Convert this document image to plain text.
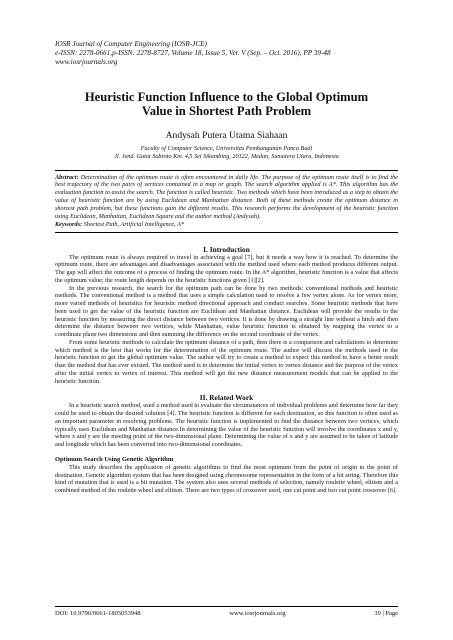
IOSR Journal of Computer Engineering (IOSR-JCE)
e-ISSN: 2278-0661,p-ISSN: 2278-8727, Volume 18, Issue 5, Ver. V (Sep. – Oct. 2016), PP 39-48
www.iosrjournals.org
Heuristic Function Influence to the Global Optimum
Value in Shortest Path Problem
Andysah Putera Utama Siahaan
Faculty of Computer Science, Universitas Pembangunan Panca Budi
Jl. Jend. Gatot Subroto Km. 4,5 Sei Sikambing, 20122, Medan, Sumatera Utara, Indonesia

Abstract: Determination of the optimum route is often encountered in daily life. The purpose of the optimum route itself is to find the best trajectory of the two pairs of vertices contained in a map or graph. The search algorithm applied is A*. This algorithm has the evaluation function to assist the search. The function is called heuristic. Two methods which have been introduced as a step to obtain the value of heuristic function are by using Euclidean and Manhattan distance. Both of these methods create the optimum distance in shortest path problem, but these functions gain the different results. This research performs the development of the heuristic function using Euclidean, Manhattan, Euclidean Square and the author method (Andysah).

Keywords: Shortest Path, Artificial Intelligence, A*

I. Introduction

The optimum route is always required to travel in achieving a goal [7], but it needs a way how it is reached. To determine the optimum route, there are advantages and disadvantages associated with the method used where each method produces different output. The gap will affect the outcome of a process of finding the optimum route. In the A* algorithm, heuristic function is a value that affects the optimum value; the route length depends on the heuristic functions given [1][2].

In the previous research, the search for the optimum path can be done by two methods: conventional methods and heuristic methods. The conventional method is a method that uses a simple calculation used to resolve a few vertex alone. As for vertex more, more varied methods of heuristics for heuristic method directional approach and conduct searches. Some heuristic methods that have been used to get the value of the heuristic function are Euclidean and Manhattan distance. Euclidean will provide the results to the heuristic function by measuring the direct distance between two vertices. It is done by drawing a straight line without a hitch and then determine the distance between two vertices, while Manhattan, value heuristic function is obtained by mapping the vertex to a coordinate plane two dimensions and then summing the difference on the second coordinate of the vertex.

From some heuristic methods to calculate the optimum distance of a path, then there is a comparison and calculations to determine which method is the best that works for the determination of the optimum route. The author will discuss the methods used in the heuristic function to get the global optimum value. The author will try to create a method to expect this method to have a better result than the method that has ever existed. The method used is to determine the initial vertex to vertex distance and the purpose of the vertex after the initial vertex to vertex of interest. This method will get the new distance measurement models that can be applied to the heuristic function.

II. Related Work

In a heuristic search method, used a method used to evaluate the circumstances of individual problems and determine how far they could be used to obtain the desired solution [4]. The heuristic function is different for each destination, so this function is often used as an important parameter in resolving problems. The heuristic function is implemented to find the distance between two vertices, which typically uses Euclidean and Manhattan distance.In determining the value of the heuristic function will involve the coordinates x and y, where x and y are the meeting point of the two-dimensional plane. Determining the value of x and y are assumed to be taken of latitude and longitude which has been converted into two-dimensional coordinates.

Optimum Search Using Genetic Algorithm

This study describes the application of genetic algorithms to find the most optimum from the point of origin to the point of destination. Genetic algorithm system that has been designed using chromosome representation in the form of a bit string. Therefore this kind of mutation that is used is a bit mutation. The system also uses several methods of selection, namely roulette wheel, elitism and a combined method of the roulette wheel and elitism. There are two types of crossover used, one cut point and two cut point crossover [6].

DOI: 10.9790/0661-1805053948	www.iosrjournals.org	39 | Page
